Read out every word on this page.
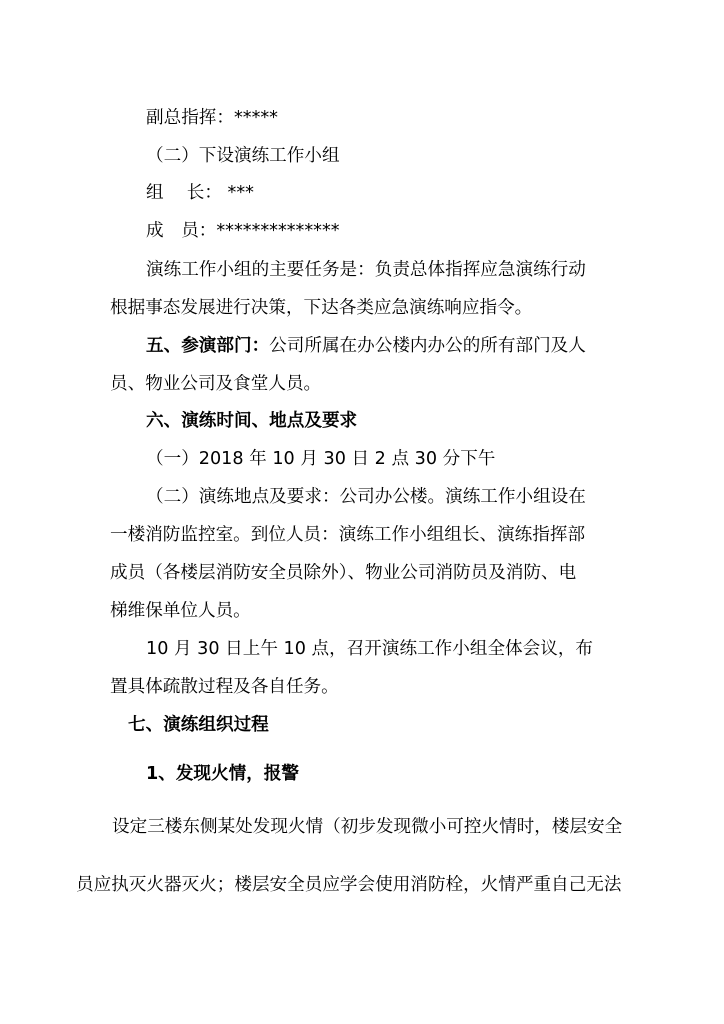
副总指挥：*****
（二）下设演练工作小组
组　 长： ***
成　员：**************
演练工作小组的主要任务是：负责总体指挥应急演练行动
根据事态发展进行决策，下达各类应急演练响应指令。
五、参演部门：公司所属在办公楼内办公的所有部门及人
员、物业公司及食堂人员。
六、演练时间、地点及要求
（一）2018 年 10 月 30 日 2 点 30 分下午
（二）演练地点及要求：公司办公楼。演练工作小组设在
一楼消防监控室。到位人员：演练工作小组组长、演练指挥部
成员（各楼层消防安全员除外）、物业公司消防员及消防、电
梯维保单位人员。
10 月 30 日上午 10 点，召开演练工作小组全体会议，布
置具体疏散过程及各自任务。
七、演练组织过程
1、发现火情，报警
设定三楼东侧某处发现火情（初步发现微小可控火情时，楼层安全
员应执灭火器灭火；楼层安全员应学会使用消防栓，火情严重自己无法
